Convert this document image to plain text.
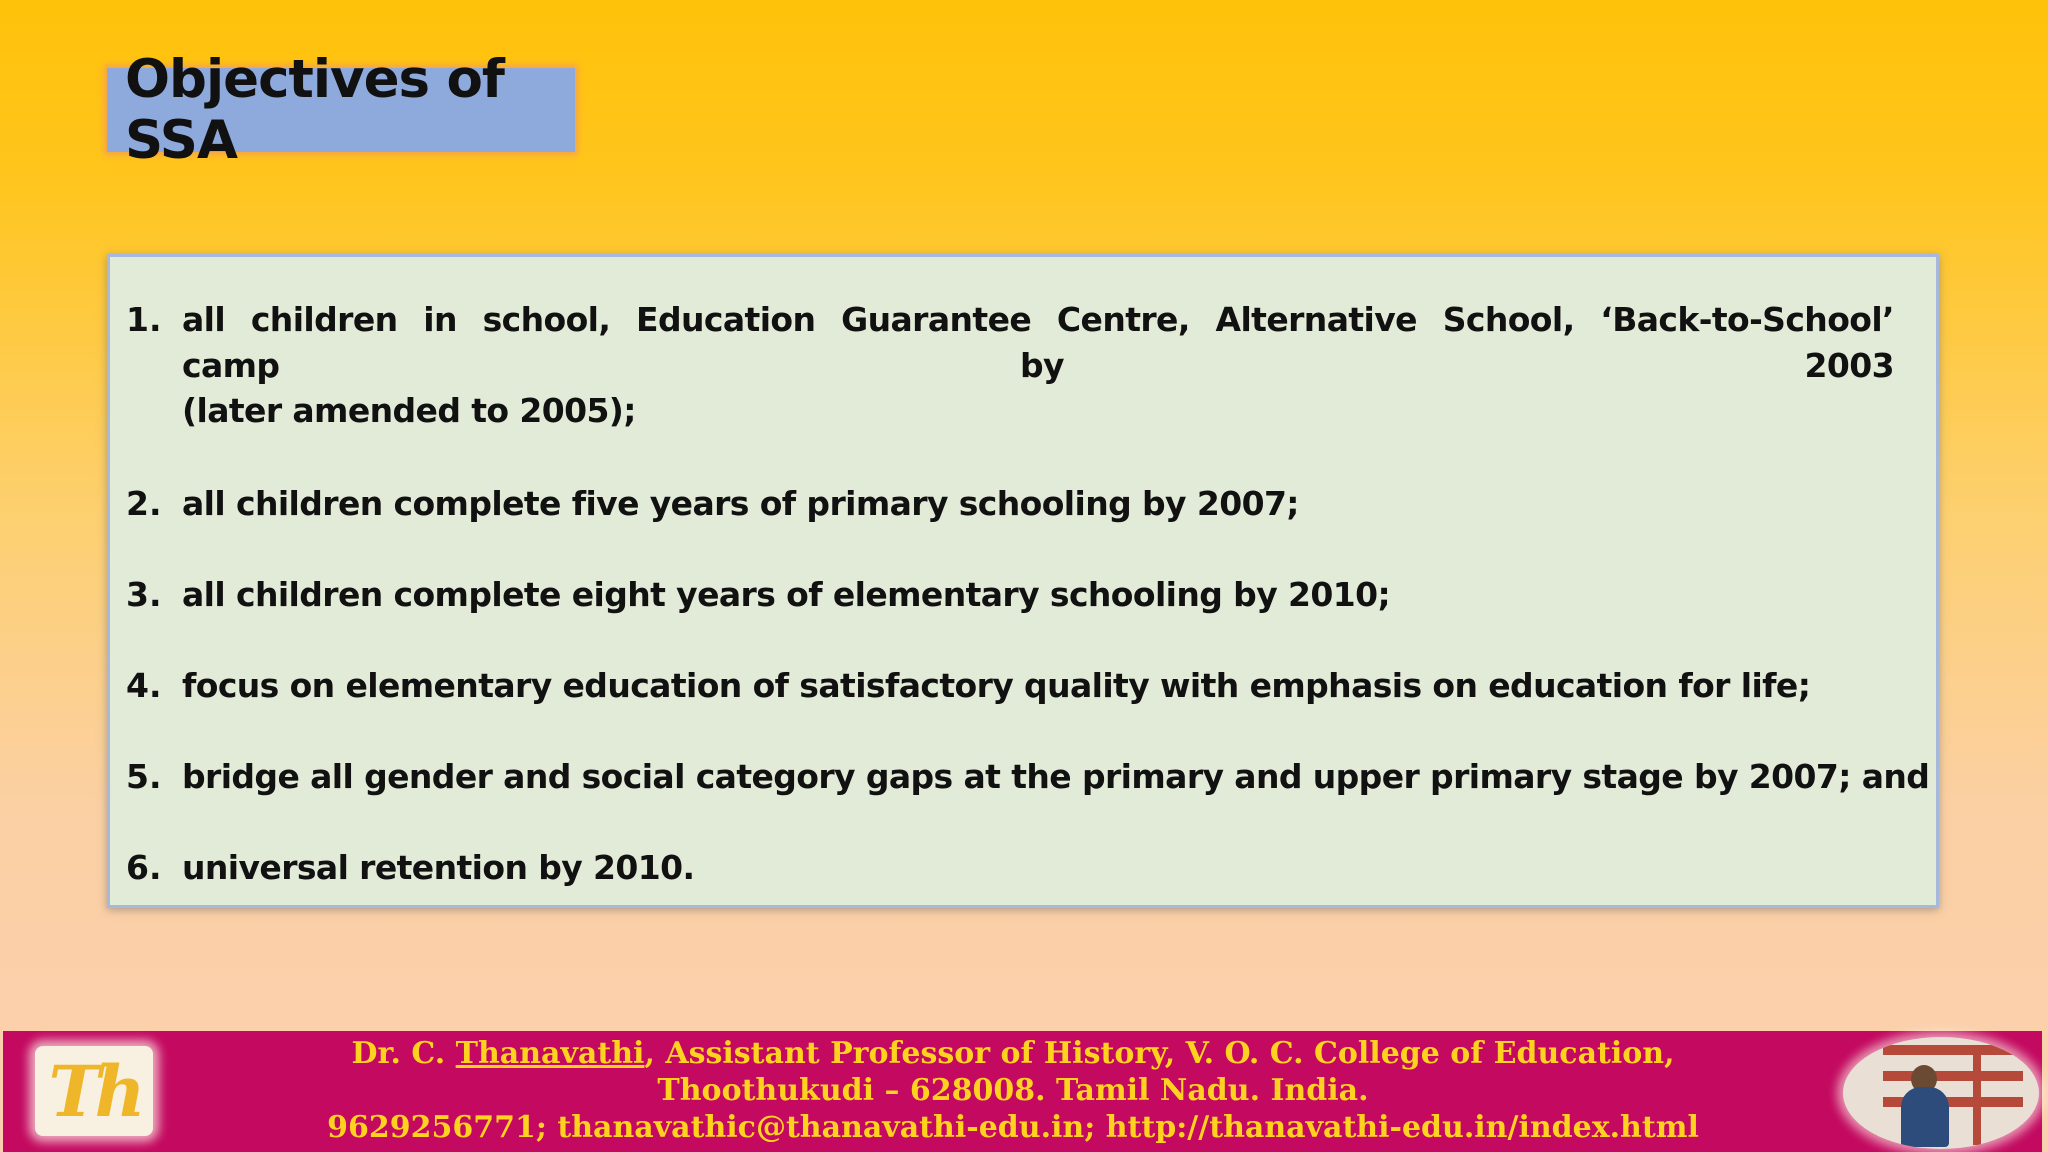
Objectives of SSA
1. all children in school, Education Guarantee Centre, Alternative School, ‘Back-to-School’ camp by 2003
(later amended to 2005);
2. all children complete five years of primary schooling by 2007;
3. all children complete eight years of elementary schooling by 2010;
4. focus on elementary education of satisfactory quality with emphasis on education for life;
5. bridge all gender and social category gaps at the primary and upper primary stage by 2007; and
6. universal retention by 2010.
Th	Dr. C. Thanavathi, Assistant Professor of History, V. O. C. College of Education,
Thoothukudi – 628008. Tamil Nadu. India.
9629256771; thanavathic@thanavathi-edu.in; http://thanavathi-edu.in/index.html
